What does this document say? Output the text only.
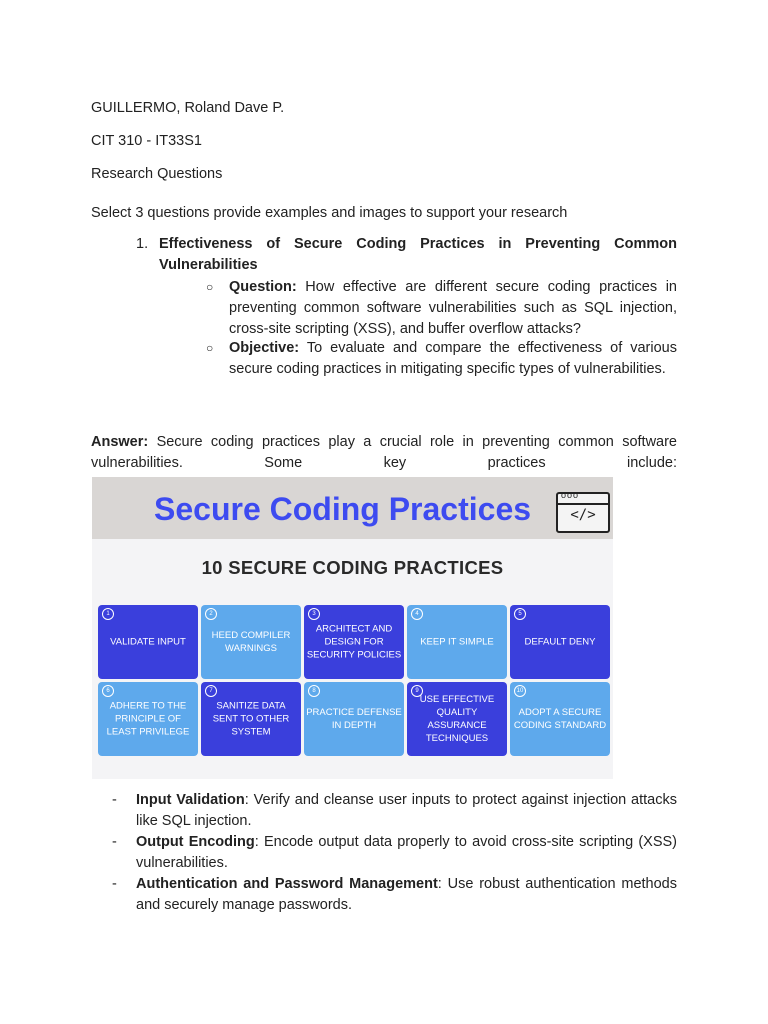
GUILLERMO, Roland Dave P.
CIT 310 - IT33S1
Research Questions
Select 3 questions provide examples and images to support your research
1. Effectiveness of Secure Coding Practices in Preventing Common Vulnerabilities
○ Question: How effective are different secure coding practices in preventing common software vulnerabilities such as SQL injection, cross-site scripting (XSS), and buffer overflow attacks?
○ Objective: To evaluate and compare the effectiveness of various secure coding practices in mitigating specific types of vulnerabilities.
Answer: Secure coding practices play a crucial role in preventing common software
vulnerabilities.	Some	key	practices	include:
Secure Coding Practices	ooo
</>
10 SECURE CODING PRACTICES
1
VALIDATE INPUT
2
HEED COMPILER WARNINGS
3
ARCHITECT AND DESIGN FOR SECURITY POLICIES
4
KEEP IT SIMPLE
5
DEFAULT DENY
6
ADHERE TO THE PRINCIPLE OF LEAST PRIVILEGE
7
SANITIZE DATA SENT TO OTHER SYSTEM
8
PRACTICE DEFENSE IN DEPTH
9
USE EFFECTIVE QUALITY ASSURANCE TECHNIQUES
10
ADOPT A SECURE CODING STANDARD
- Input Validation: Verify and cleanse user inputs to protect against injection attacks like SQL injection.
- Output Encoding: Encode output data properly to avoid cross-site scripting (XSS) vulnerabilities.
- Authentication and Password Management: Use robust authentication methods and securely manage passwords.
